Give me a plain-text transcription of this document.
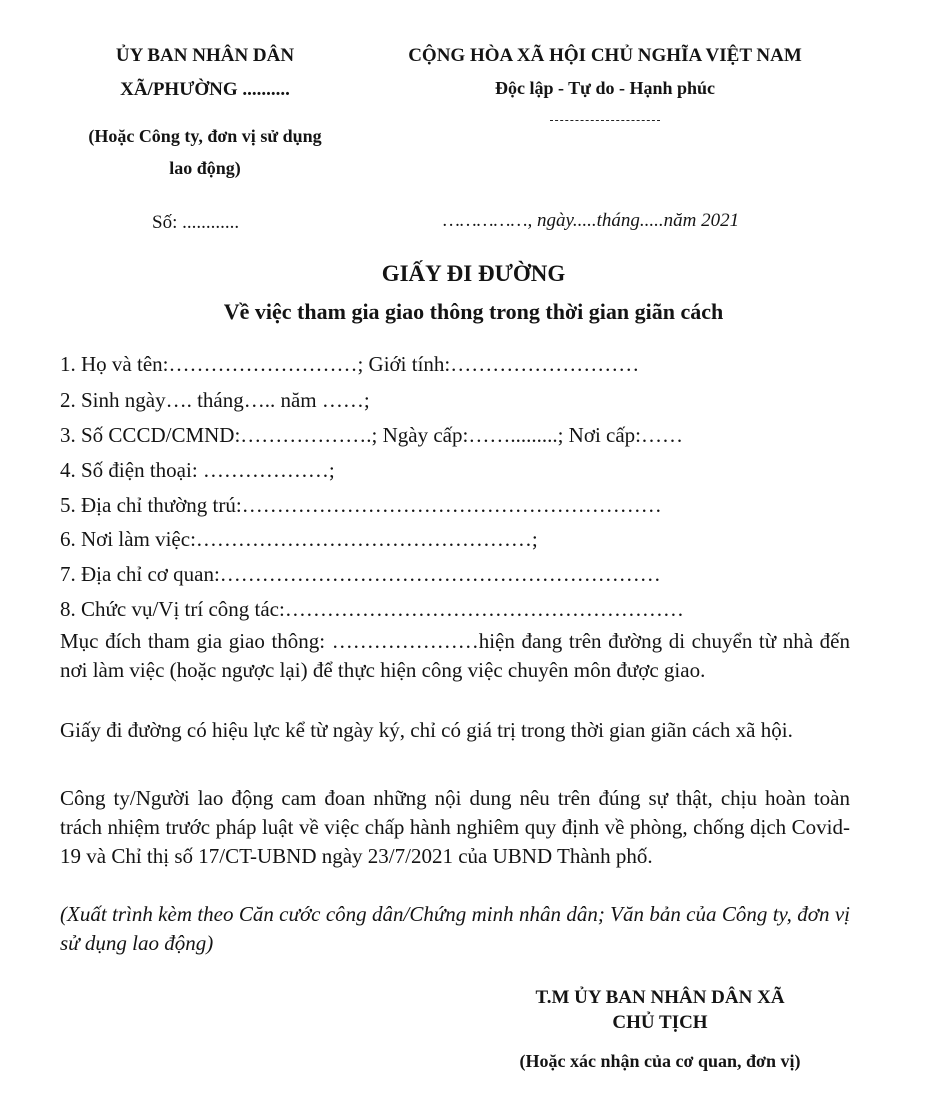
ỦY BAN NHÂN DÂN
XÃ/PHƯỜNG ..........
(Hoặc Công ty, đơn vị sử dụng
lao động)
Số: ............
CỘNG HÒA XÃ HỘI CHỦ NGHĨA VIỆT NAM
Độc lập - Tự do - Hạnh phúc
……………, ngày.....tháng.....năm 2021
GIẤY ĐI ĐƯỜNG
Về việc tham gia giao thông trong thời gian giãn cách
1. Họ và tên:………………………; Giới tính:………………………
2. Sinh ngày…. tháng….. năm ……;
3. Số CCCD/CMND:……………….; Ngày cấp:…….........; Nơi cấp:……
4. Số điện thoại: ………………;
5. Địa chỉ thường trú:……………………………………………………
6. Nơi làm việc:…………………………………………;
7. Địa chỉ cơ quan:………………………………………………………
8. Chức vụ/Vị trí công tác:…………………………………………………
Mục đích tham gia giao thông: …………………hiện đang trên đường di chuyển từ nhà đến nơi làm việc (hoặc ngược lại) để thực hiện công việc chuyên môn được giao.
Giấy đi đường có hiệu lực kể từ ngày ký, chỉ có giá trị trong thời gian giãn cách xã hội.
Công ty/Người lao động cam đoan những nội dung nêu trên đúng sự thật, chịu hoàn toàn trách nhiệm trước pháp luật về việc chấp hành nghiêm quy định về phòng, chống dịch Covid-19 và Chỉ thị số 17/CT-UBND ngày 23/7/2021 của UBND Thành phố.
(Xuất trình kèm theo Căn cước công dân/Chứng minh nhân dân; Văn bản của Công ty, đơn vị sử dụng lao động)
T.M ỦY BAN NHÂN DÂN XÃ
CHỦ TỊCH
(Hoặc xác nhận của cơ quan, đơn vị)
